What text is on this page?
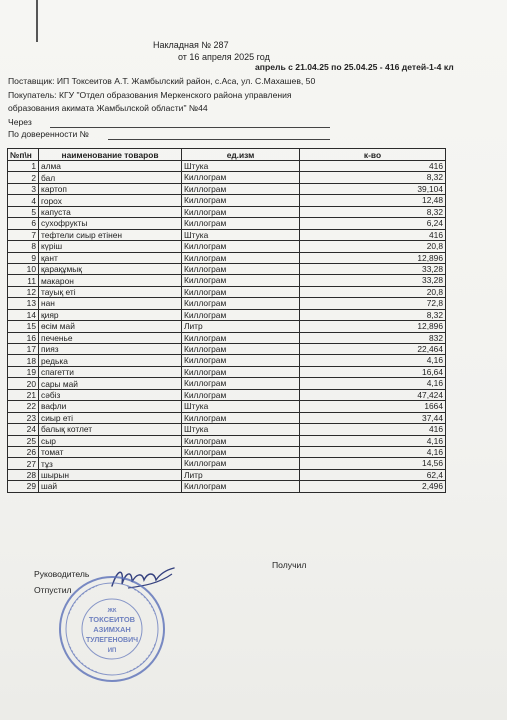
Накладная № 287
от 16 апреля 2025 год
апрель с 21.04.25 по 25.04.25 - 416 детей-1-4 кл
Поставщик: ИП Токсеитов А.Т. Жамбылский район, с.Аса, ул. С.Махашев, 50
Покупатель: КГУ "Отдел образования Меркенского района управления
образования акимата Жамбылской области" №44
Через
По доверенности №
№п\н	наименование товаров	ед.изм	к-во
1	алма	Штука	416
2	бал	Киллограм	8,32
3	картоп	Киллограм	39,104
4	горох	Киллограм	12,48
5	капуста	Киллограм	8,32
6	сухофрукты	Киллограм	6,24
7	тефтели сиыр етінен	Штука	416
8	күріш	Киллограм	20,8
9	қант	Киллограм	12,896
10	қарақұмық	Киллограм	33,28
11	макарон	Киллограм	33,28
12	тауық еті	Киллограм	20,8
13	нан	Киллограм	72,8
14	қияр	Киллограм	8,32
15	өсім май	Литр	12,896
16	печенье	Киллограм	832
17	пияз	Киллограм	22,464
18	редька	Киллограм	4,16
19	спагетти	Киллограм	16,64
20	сары май	Киллограм	4,16
21	сәбіз	Киллограм	47,424
22	вафли	Штука	1664
23	сиыр еті	Киллограм	37,44
24	балық котлет	Штука	416
25	сыр	Киллограм	4,16
26	томат	Киллограм	4,16
27	тұз	Киллограм	14,56
28	шырын	Литр	62,4
29	шай	Киллограм	2,496
Получил
Руководитель
Отпустил
ЖК
ТОКСЕИТОВ
АЗИМХАН
ТУЛЕГЕНОВИЧ
ИП
